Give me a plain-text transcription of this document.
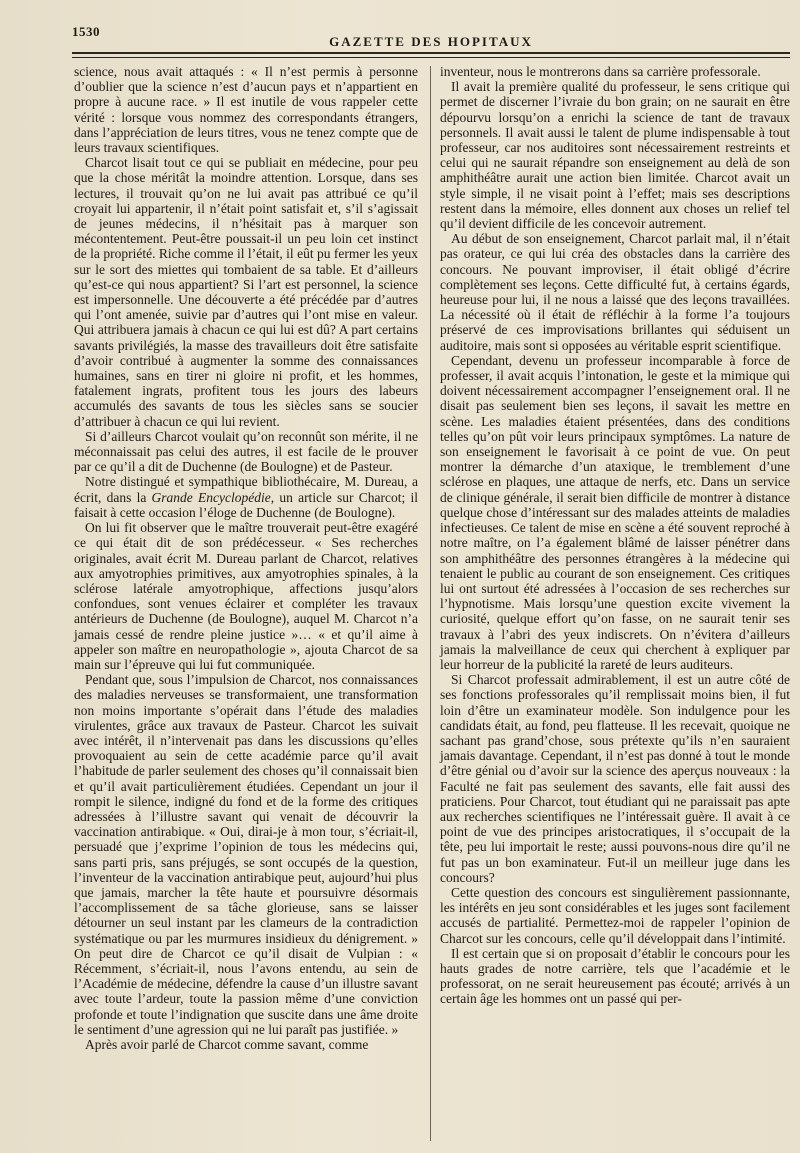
1530
GAZETTE DES HOPITAUX

science, nous avait attaqués : « Il n’est permis à personne d’oublier que la science n’est d’aucun pays et n’appartient en propre à aucune race. » Il est inutile de vous rappeler cette vérité : lorsque vous nommez des correspondants étrangers, dans l’appréciation de leurs titres, vous ne tenez compte que de leurs travaux scientifiques.

Charcot lisait tout ce qui se publiait en médecine, pour peu que la chose méritât la moindre attention. Lorsque, dans ses lectures, il trouvait qu’on ne lui avait pas attribué ce qu’il croyait lui appartenir, il n’était point satisfait et, s’il s’agissait de jeunes médecins, il n’hésitait pas à marquer son mécontentement. Peut-être poussait-il un peu loin cet instinct de la propriété. Riche comme il l’était, il eût pu fermer les yeux sur le sort des miettes qui tombaient de sa table. Et d’ailleurs qu’est-ce qui nous appartient? Si l’art est personnel, la science est impersonnelle. Une découverte a été précédée par d’autres qui l’ont amenée, suivie par d’autres qui l’ont mise en valeur. Qui attribuera jamais à chacun ce qui lui est dû? A part certains savants privilégiés, la masse des travailleurs doit être satisfaite d’avoir contribué à augmenter la somme des connaissances humaines, sans en tirer ni gloire ni profit, et les hommes, fatalement ingrats, profitent tous les jours des labeurs accumulés des savants de tous les siècles sans se soucier d’attribuer à chacun ce qui lui revient.

Si d’ailleurs Charcot voulait qu’on reconnût son mérite, il ne méconnaissait pas celui des autres, il est facile de le prouver par ce qu’il a dit de Duchenne (de Boulogne) et de Pasteur.

Notre distingué et sympathique bibliothécaire, M. Dureau, a écrit, dans la Grande Encyclopédie, un article sur Charcot; il faisait à cette occasion l’éloge de Duchenne (de Boulogne).

On lui fit observer que le maître trouverait peut-être exagéré ce qui était dit de son prédécesseur. « Ses recherches originales, avait écrit M. Dureau parlant de Charcot, relatives aux amyotrophies primitives, aux amyotrophies spinales, à la sclérose latérale amyotrophique, affections jusqu’alors confondues, sont venues éclairer et compléter les travaux antérieurs de Duchenne (de Boulogne), auquel M. Charcot n’a jamais cessé de rendre pleine justice »… « et qu’il aime à appeler son maître en neuropathologie », ajouta Charcot de sa main sur l’épreuve qui lui fut communiquée.

Pendant que, sous l’impulsion de Charcot, nos connaissances des maladies nerveuses se transformaient, une transformation non moins importante s’opérait dans l’étude des maladies virulentes, grâce aux travaux de Pasteur. Charcot les suivait avec intérêt, il n’intervenait pas dans les discussions qu’elles provoquaient au sein de cette académie parce qu’il avait l’habitude de parler seulement des choses qu’il connaissait bien et qu’il avait particulièrement étudiées. Cependant un jour il rompit le silence, indigné du fond et de la forme des critiques adressées à l’illustre savant qui venait de découvrir la vaccination antirabique. « Oui, dirai-je à mon tour, s’écriait-il, persuadé que j’exprime l’opinion de tous les médecins qui, sans parti pris, sans préjugés, se sont occupés de la question, l’inventeur de la vaccination antirabique peut, aujourd’hui plus que jamais, marcher la tête haute et poursuivre désormais l’accomplissement de sa tâche glorieuse, sans se laisser détourner un seul instant par les clameurs de la contradiction systématique ou par les murmures insidieux du dénigrement. » On peut dire de Charcot ce qu’il disait de Vulpian : « Récemment, s’écriait-il, nous l’avons entendu, au sein de l’Académie de médecine, défendre la cause d’un illustre savant avec toute l’ardeur, toute la passion même d’une conviction profonde et toute l’indignation que suscite dans une âme droite le sentiment d’une agression qui ne lui paraît pas justifiée. »

Après avoir parlé de Charcot comme savant, comme

inventeur, nous le montrerons dans sa carrière professorale.

Il avait la première qualité du professeur, le sens critique qui permet de discerner l’ivraie du bon grain; on ne saurait en être dépourvu lorsqu’on a enrichi la science de tant de travaux personnels. Il avait aussi le talent de plume indispensable à tout professeur, car nos auditoires sont nécessairement restreints et celui qui ne saurait répandre son enseignement au delà de son amphithéâtre aurait une action bien limitée. Charcot avait un style simple, il ne visait point à l’effet; mais ses descriptions restent dans la mémoire, elles donnent aux choses un relief tel qu’il devient difficile de les concevoir autrement.

Au début de son enseignement, Charcot parlait mal, il n’était pas orateur, ce qui lui créa des obstacles dans la carrière des concours. Ne pouvant improviser, il était obligé d’écrire complètement ses leçons. Cette difficulté fut, à certains égards, heureuse pour lui, il ne nous a laissé que des leçons travaillées. La nécessité où il était de réfléchir à la forme l’a toujours préservé de ces improvisations brillantes qui séduisent un auditoire, mais sont si opposées au véritable esprit scientifique.

Cependant, devenu un professeur incomparable à force de professer, il avait acquis l’intonation, le geste et la mimique qui doivent nécessairement accompagner l’enseignement oral. Il ne disait pas seulement bien ses leçons, il savait les mettre en scène. Les maladies étaient présentées, dans des conditions telles qu’on pût voir leurs principaux symptômes. La nature de son enseignement le favorisait à ce point de vue. On peut montrer la démarche d’un ataxique, le tremblement d’une sclérose en plaques, une attaque de nerfs, etc. Dans un service de clinique générale, il serait bien difficile de montrer à distance quelque chose d’intéressant sur des malades atteints de maladies infectieuses. Ce talent de mise en scène a été souvent reproché à notre maître, on l’a également blâmé de laisser pénétrer dans son amphithéâtre des personnes étrangères à la médecine qui tenaient le public au courant de son enseignement. Ces critiques lui ont surtout été adressées à l’occasion de ses recherches sur l’hypnotisme. Mais lorsqu’une question excite vivement la curiosité, quelque effort qu’on fasse, on ne saurait tenir ses travaux à l’abri des yeux indiscrets. On n’évitera d’ailleurs jamais la malveillance de ceux qui cherchent à expliquer par leur horreur de la publicité la rareté de leurs auditeurs.

Si Charcot professait admirablement, il est un autre côté de ses fonctions professorales qu’il remplissait moins bien, il fut loin d’être un examinateur modèle. Son indulgence pour les candidats était, au fond, peu flatteuse. Il les recevait, quoique ne sachant pas grand’chose, sous prétexte qu’ils n’en sauraient jamais davantage. Cependant, il n’est pas donné à tout le monde d’être génial ou d’avoir sur la science des aperçus nouveaux : la Faculté ne fait pas seulement des savants, elle fait aussi des praticiens. Pour Charcot, tout étudiant qui ne paraissait pas apte aux recherches scientifiques ne l’intéressait guère. Il avait à ce point de vue des principes aristocratiques, il s’occupait de la tête, peu lui importait le reste; aussi pouvons-nous dire qu’il ne fut pas un bon examinateur. Fut-il un meilleur juge dans les concours?

Cette question des concours est singulièrement passionnante, les intérêts en jeu sont considérables et les juges sont facilement accusés de partialité. Permettez-moi de rappeler l’opinion de Charcot sur les concours, celle qu’il développait dans l’intimité.

Il est certain que si on proposait d’établir le concours pour les hauts grades de notre carrière, tels que l’académie et le professorat, on ne serait heureusement pas écouté; arrivés à un certain âge les hommes ont un passé qui per-
